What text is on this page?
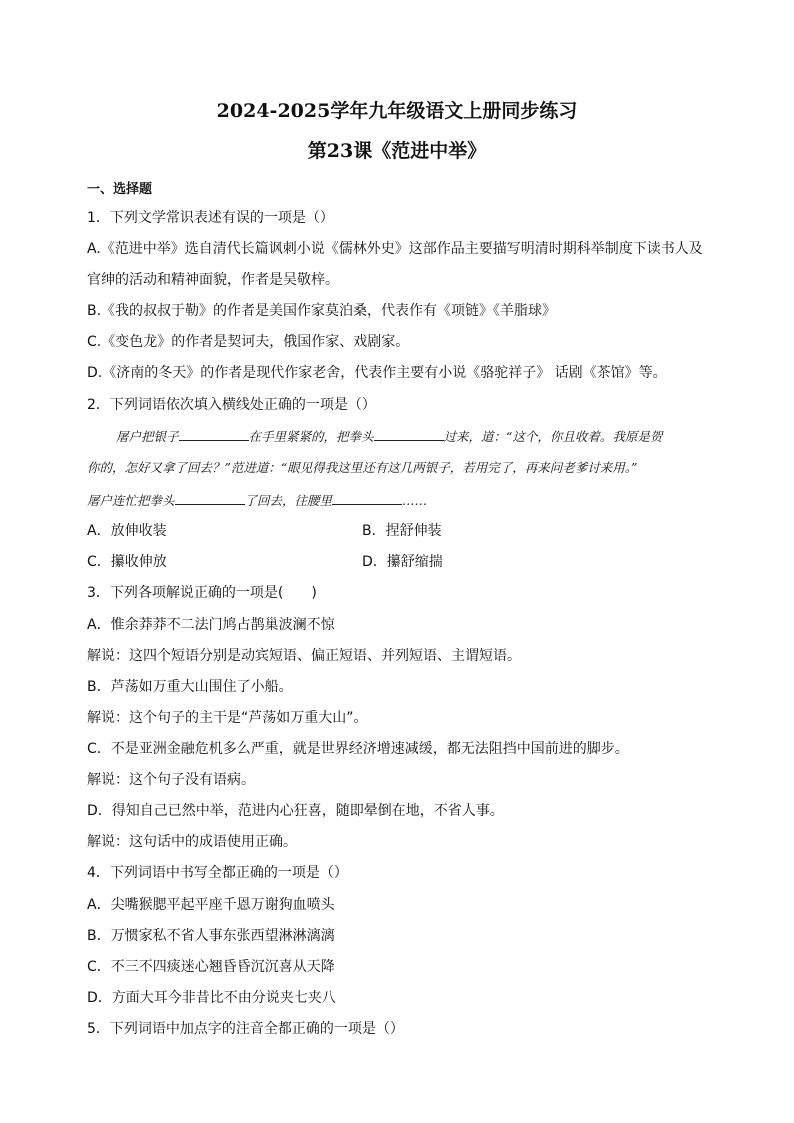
2024-2025学年九年级语文上册同步练习
第23课《范进中举》
一、选择题
1．下列文学常识表述有误的一项是（）
A.《范进中举》选自清代长篇讽刺小说《儒林外史》这部作品主要描写明清时期科举制度下读书人及
官绅的活动和精神面貌，作者是吴敬梓。
B.《我的叔叔于勒》的作者是美国作家莫泊桑，代表作有《项链》《羊脂球》
C.《变色龙》的作者是契诃夫，俄国作家、戏剧家。
D.《济南的冬天》的作者是现代作家老舍，代表作主要有小说《骆驼祥子》 话剧《茶馆》等。
2．下列词语依次填入横线处正确的一项是（）
屠户把银子	在手里紧紧的，把拳头	过来，道：“这个，你且收着。我原是贺
你的，怎好又拿了回去？”范进道：“眼见得我这里还有这几两银子，若用完了，再来问老爹讨来用。”
屠户连忙把拳头	了回去，往腰里	……
A．放伸收装	B．捏舒伸装
C．攥收伸放	D．攥舒缩揣
3．下列各项解说正确的一项是(　　)
A．惟余莽莽不二法门鸠占鹊巢波澜不惊
解说：这四个短语分别是动宾短语、偏正短语、并列短语、主谓短语。
B．芦荡如万重大山围住了小船。
解说：这个句子的主干是“芦荡如万重大山”。
C．不是亚洲金融危机多么严重，就是世界经济增速减缓，都无法阻挡中国前进的脚步。
解说：这个句子没有语病。
D．得知自己已然中举，范进内心狂喜，随即晕倒在地，不省人事。
解说：这句话中的成语使用正确。
4．下列词语中书写全都正确的一项是（）
A．尖嘴猴腮平起平座千恩万谢狗血喷头
B．万惯家私不省人事东张西望淋淋漓漓
C．不三不四痰迷心翘昏昏沉沉喜从天降
D．方面大耳今非昔比不由分说夹七夹八
5．下列词语中加点字的注音全都正确的一项是（）
